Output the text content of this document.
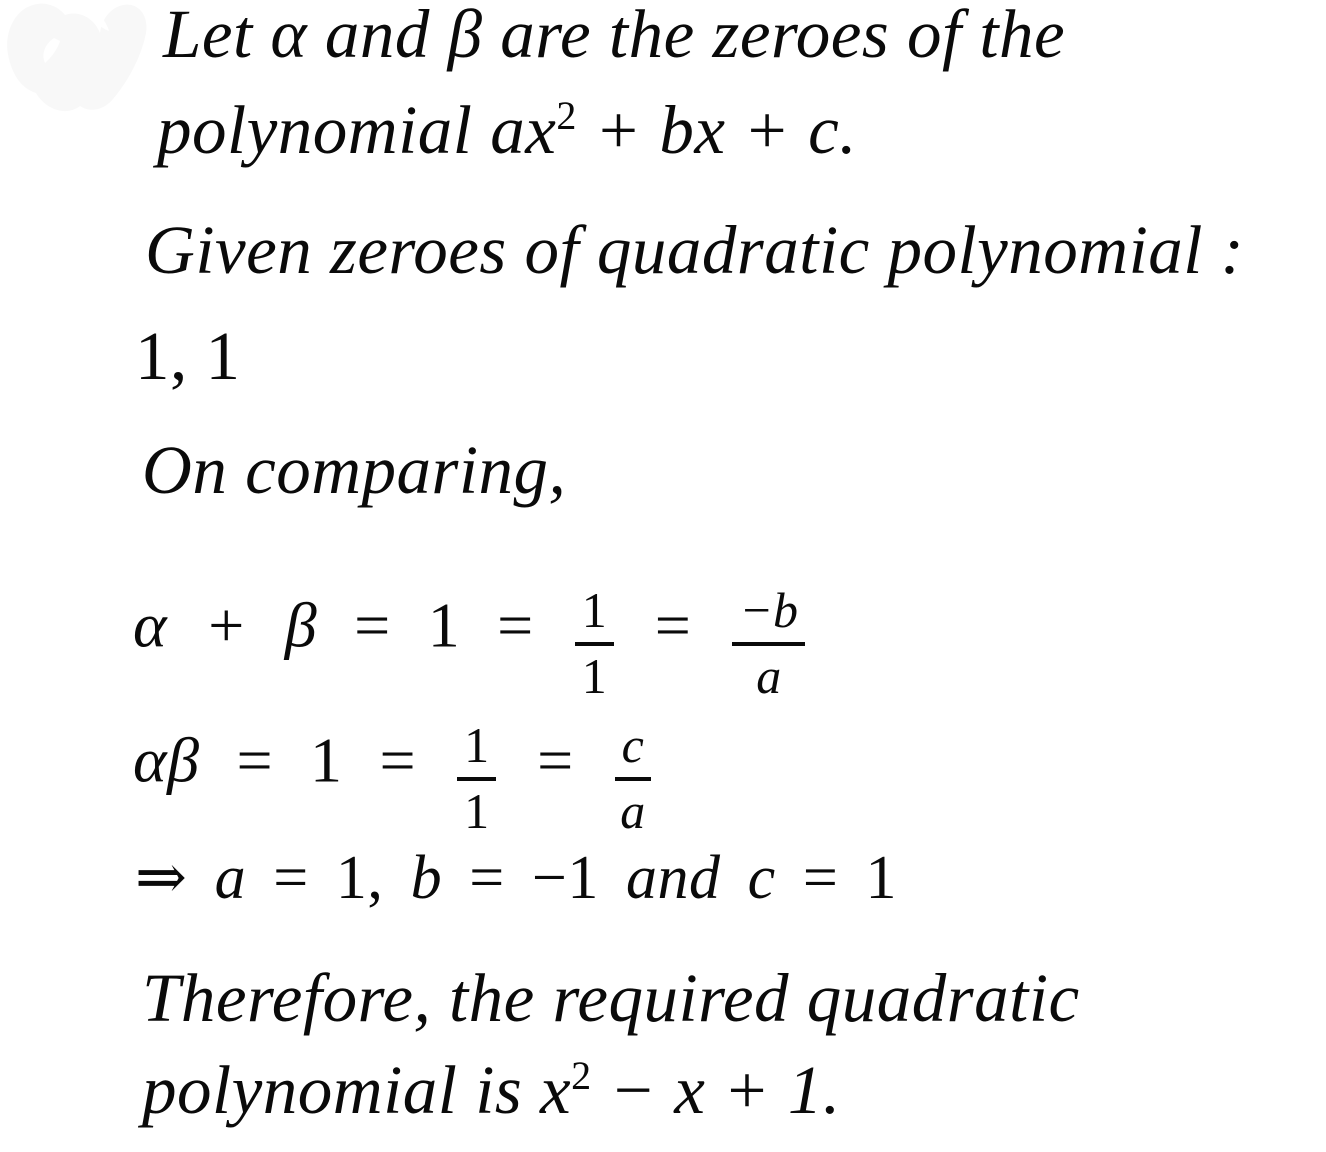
Let α and β are the zeroes of the
polynomial $ax^2$ + bx + c.
Given zeroes of quadratic polynomial :
1, 1
On comparing,
$\alpha + \beta = 1 = \frac{1}{1} = \frac{-b}{a}$
$\alpha\beta = 1 = \frac{1}{1} = \frac{c}{a}$
⇒ a = 1, b = −1 and c = 1
Therefore, the required quadratic
polynomial is $x^2 - x + 1$.
